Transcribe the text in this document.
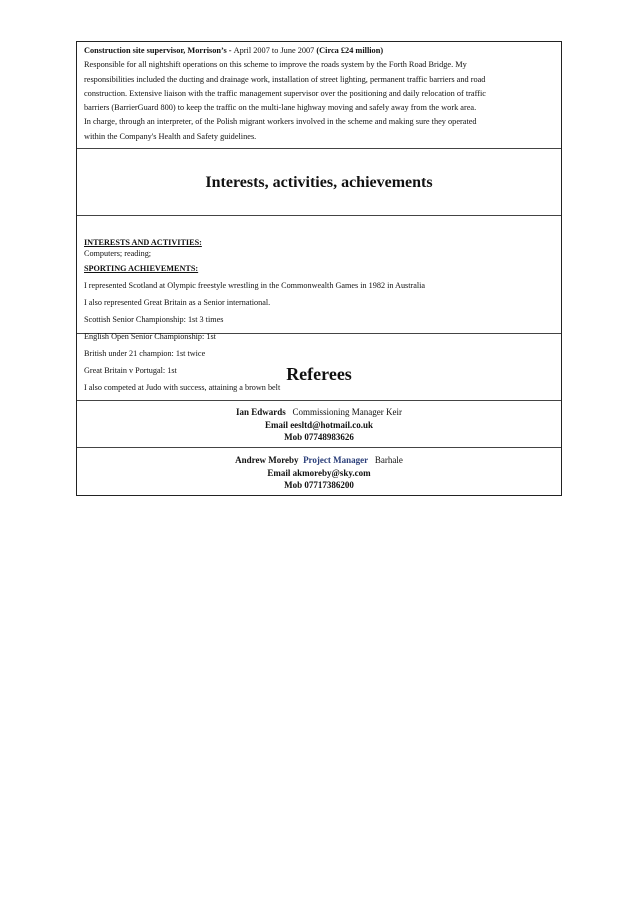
Construction site supervisor, Morrison’s - April 2007 to June 2007 (Circa £24 million)
Responsible for all nightshift operations on this scheme to improve the roads system by the Forth Road Bridge. My
responsibilities included the ducting and drainage work, installation of street lighting, permanent traffic barriers and road
construction. Extensive liaison with the traffic management supervisor over the positioning and daily relocation of traffic
barriers (BarrierGuard 800) to keep the traffic on the multi-lane highway moving and safely away from the work area.
In charge, through an interpreter, of the Polish migrant workers involved in the scheme and making sure they operated
within the Company's Health and Safety guidelines.
Interests, activities, achievements
INTERESTS AND ACTIVITIES:
Computers; reading;
SPORTING ACHIEVEMENTS:
I represented Scotland at Olympic freestyle wrestling in the Commonwealth Games in 1982 in Australia
I also represented Great Britain as a Senior international.
Scottish Senior Championship: 1st 3 times
English Open Senior Championship: 1st
British under 21 champion: 1st twice
Great Britain v Portugal: 1st
I also competed at Judo with success, attaining a brown belt
Referees
Ian Edwards Commissioning Manager Keir
Email eesltd@hotmail.co.uk
Mob 07748983626
Andrew Moreby Project Manager Barhale
Email akmoreby@sky.com
Mob 07717386200
